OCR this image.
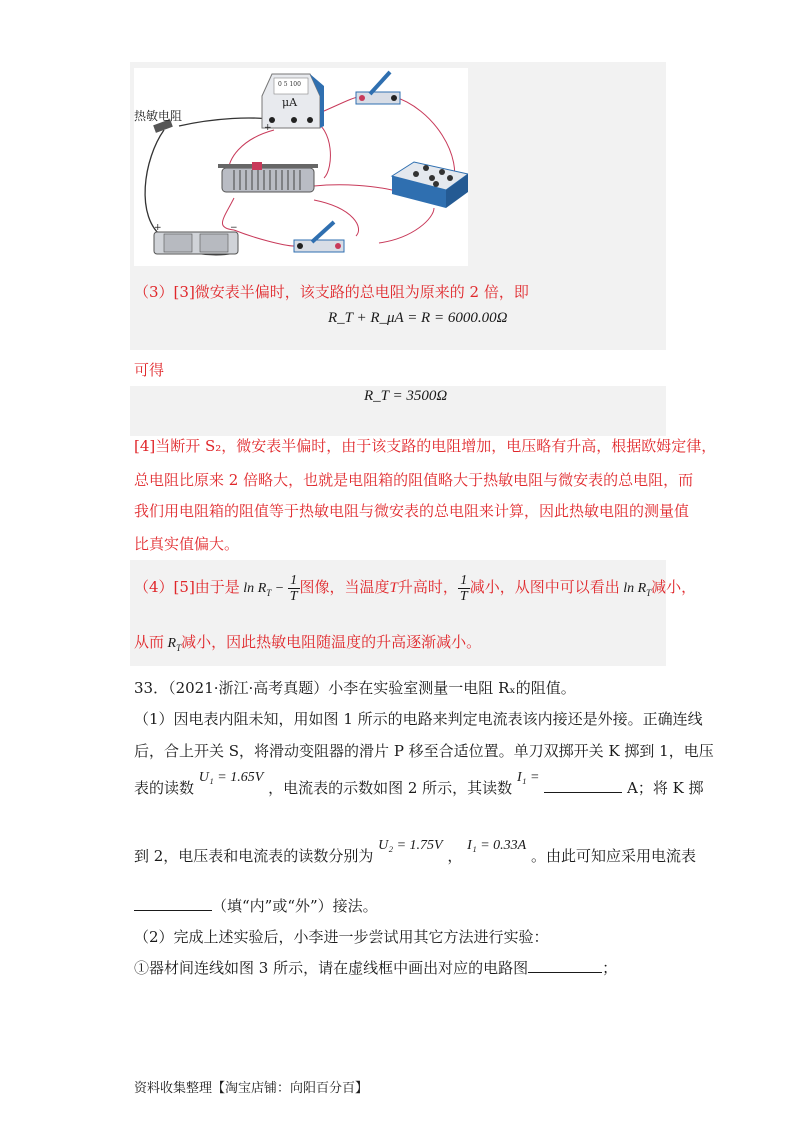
热敏电阻
0 5 100
μA
+
+	−
（3）[3]微安表半偏时，该支路的总电阻为原来的 2 倍，即
R_T + R_μA = R = 6000.00Ω
可得
R_T = 3500Ω
[4]当断开 S₂，微安表半偏时，由于该支路的电阻增加，电压略有升高，根据欧姆定律，
总电阻比原来 2 倍略大，也就是电阻箱的阻值略大于热敏电阻与微安表的总电阻，而
我们用电阻箱的阻值等于热敏电阻与微安表的总电阻来计算，因此热敏电阻的测量值
比真实值偏大。
（4）[5]由于是 $\ln R_T - \frac{1}{T}$ 图像，当温度T升高时， $\frac{1}{T}$ 减小，从图中可以看出 $\ln R_T$减小，
从而 $R_T$减小，因此热敏电阻随温度的升高逐渐减小。
33．（2021·浙江·高考真题）小李在实验室测量一电阻 Rₓ的阻值。
（1）因电表内阻未知，用如图 1 所示的电路来判定电流表该内接还是外接。正确连线
后，合上开关 S，将滑动变阻器的滑片 P 移至合适位置。单刀双掷开关 K 掷到 1，电压
表的读数 U₁ = 1.65V ，电流表的示数如图 2 所示，其读数 I₁ =  A；将 K 掷
到 2，电压表和电流表的读数分别为 U₂ = 1.75V ， I₁ = 0.33A 。由此可知应采用电流表
（填“内”或“外”）接法。
（2）完成上述实验后，小李进一步尝试用其它方法进行实验：
①器材间连线如图 3 所示，请在虚线框中画出对应的电路图	；
资料收集整理【淘宝店铺：向阳百分百】
